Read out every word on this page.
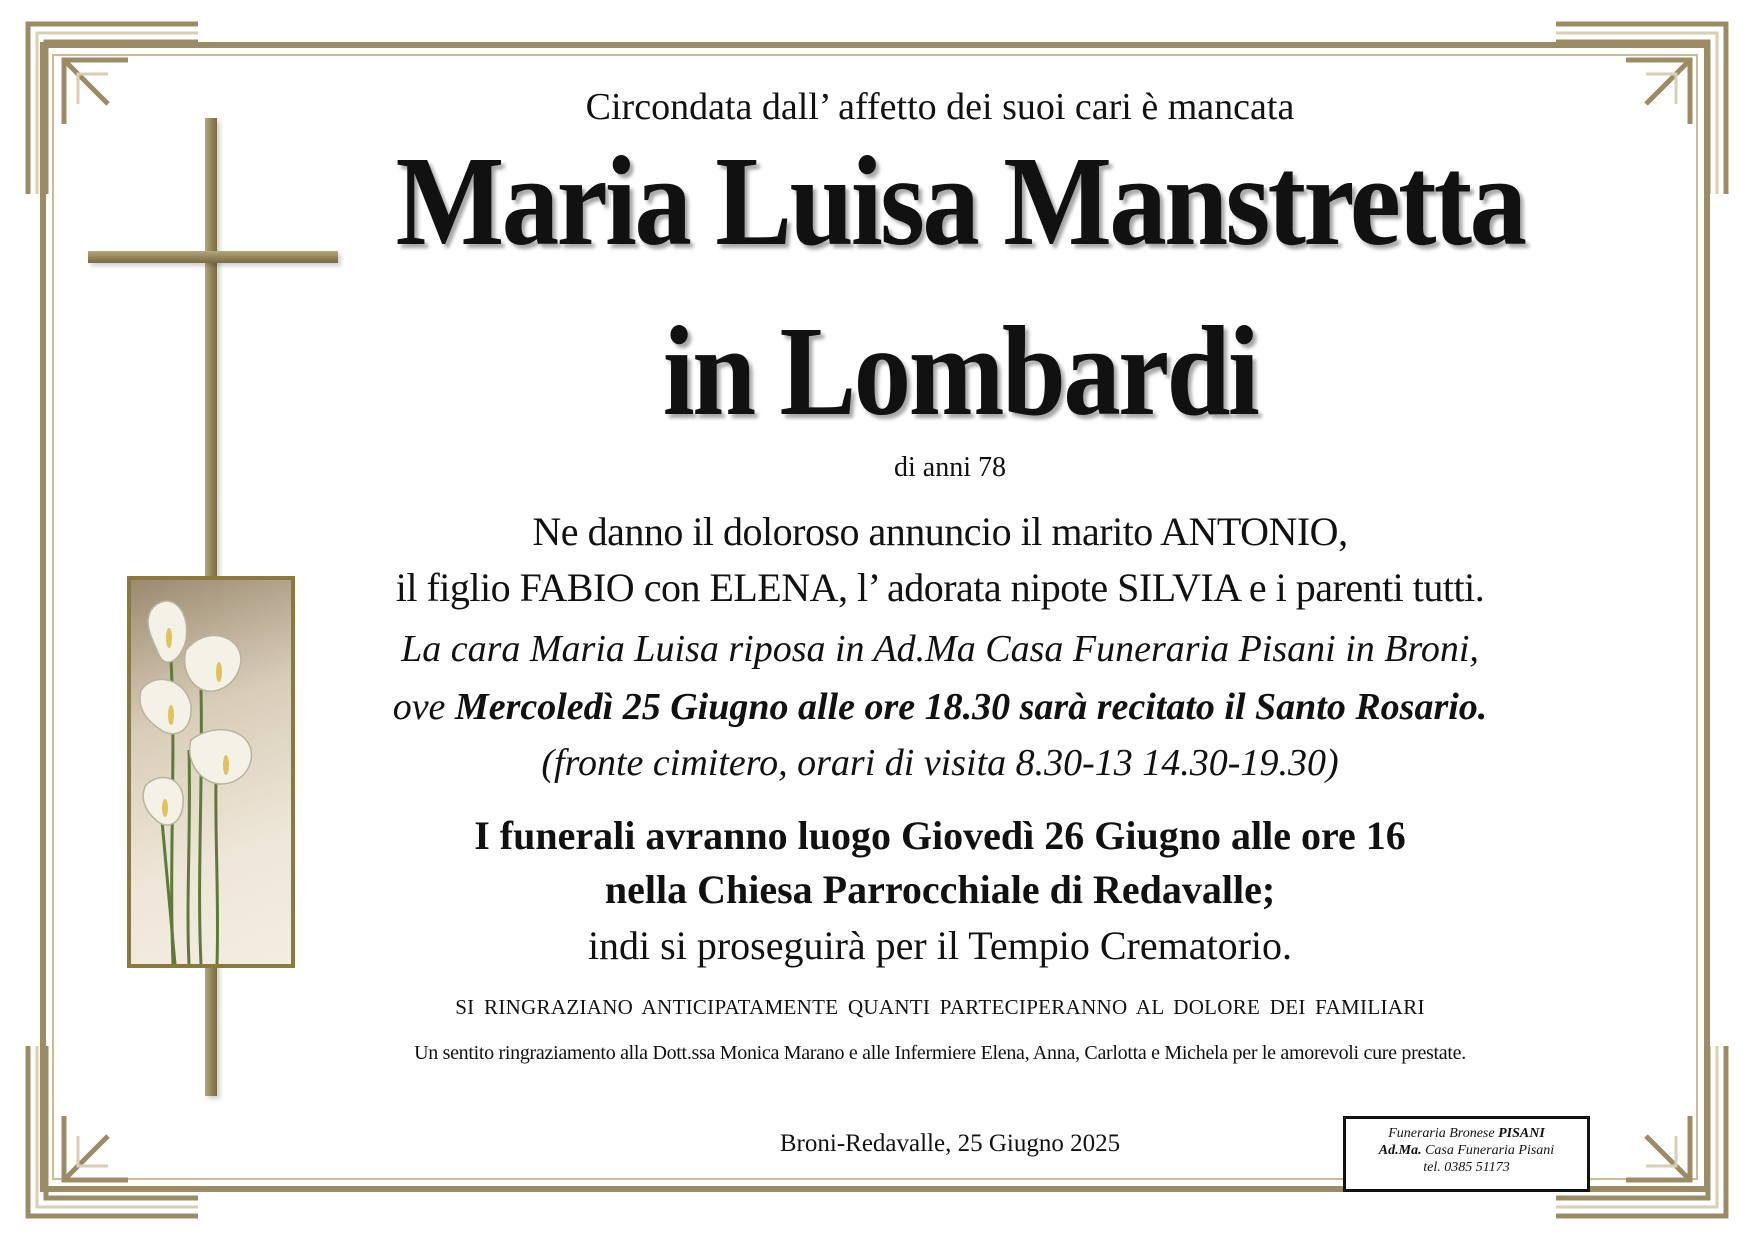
Circondata dall’ affetto dei suoi cari è mancata
Maria Luisa Manstretta
in Lombardi
di anni 78
Ne danno il doloroso annuncio il marito ANTONIO,
il figlio FABIO con ELENA, l’ adorata nipote SILVIA e i parenti tutti.
La cara Maria Luisa riposa in Ad.Ma Casa Funeraria Pisani in Broni,
ove Mercoledì 25 Giugno alle ore 18.30 sarà recitato il Santo Rosario.
(fronte cimitero, orari di visita 8.30-13 14.30-19.30)
I funerali avranno luogo Giovedì 26 Giugno alle ore 16
nella Chiesa Parrocchiale di Redavalle;
indi si proseguirà per il Tempio Crematorio.
SI RINGRAZIANO ANTICIPATAMENTE QUANTI PARTECIPERANNO AL DOLORE DEI FAMILIARI
Un sentito ringraziamento alla Dott.ssa Monica Marano e alle Infermiere Elena, Anna, Carlotta e Michela per le amorevoli cure prestate.
Broni-Redavalle, 25 Giugno 2025	Funeraria Bronese PISANI
Ad.Ma. Casa Funeraria Pisani
tel. 0385 51173
